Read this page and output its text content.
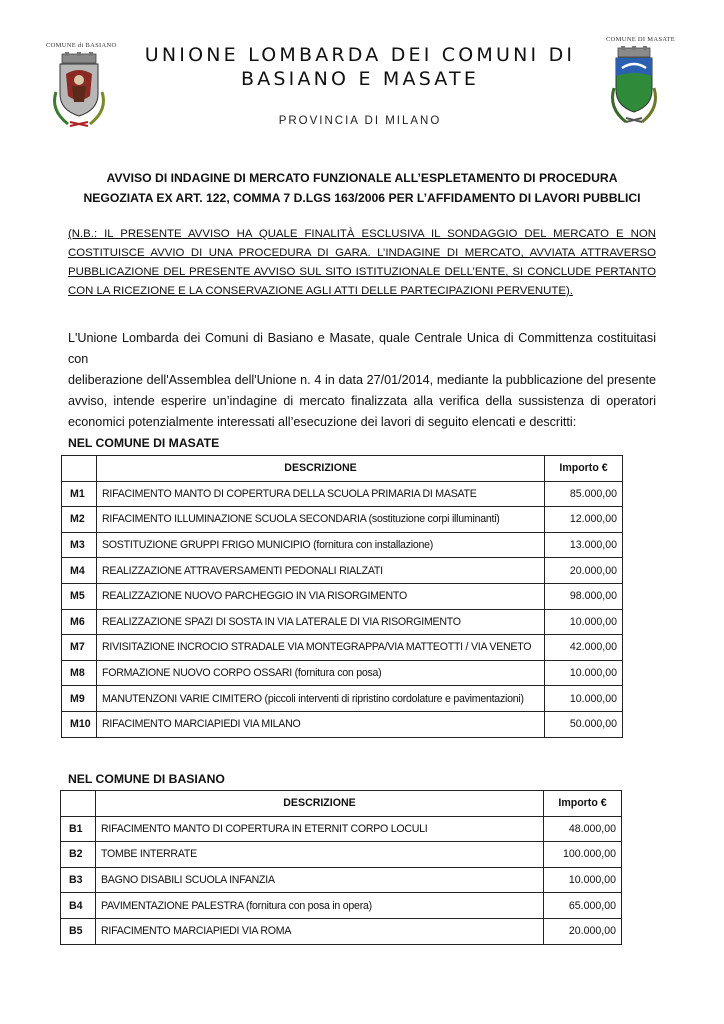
COMUNE di BASIANO
COMUNE DI MASATE
UNIONE LOMBARDA DEI COMUNI DI
BASIANO E MASATE
PROVINCIA DI MILANO
AVVISO DI INDAGINE DI MERCATO FUNZIONALE ALL’ESPLETAMENTO DI PROCEDURA
NEGOZIATA EX ART. 122, COMMA 7 D.LGS 163/2006 PER L’AFFIDAMENTO DI LAVORI PUBBLICI

(N.B.: IL PRESENTE AVVISO HA QUALE FINALITÀ ESCLUSIVA IL SONDAGGIO DEL MERCATO E NON

COSTITUISCE AVVIO DI UNA PROCEDURA DI GARA. L’INDAGINE DI MERCATO, AVVIATA ATTRAVERSO

PUBBLICAZIONE DEL PRESENTE AVVISO SUL SITO ISTITUZIONALE DELL’ENTE, SI CONCLUDE PERTANTO

CON LA RICEZIONE E LA CONSERVAZIONE AGLI ATTI DELLE PARTECIPAZIONI PERVENUTE).

L'Unione Lombarda dei Comuni di Basiano e Masate, quale Centrale Unica di Committenza costituitasi con

deliberazione dell'Assemblea dell'Unione n. 4 in data 27/01/2014, mediante la pubblicazione del presente

avviso, intende esperire un’indagine di mercato finalizzata alla verifica della sussistenza di operatori

economici potenzialmente interessati all’esecuzione dei lavori di seguito elencati e descritti:

NEL COMUNE DI MASATE
	DESCRIZIONE	Importo €
M1	RIFACIMENTO MANTO DI COPERTURA DELLA SCUOLA PRIMARIA DI MASATE	85.000,00
M2	RIFACIMENTO ILLUMINAZIONE SCUOLA SECONDARIA (sostituzione corpi illuminanti)	12.000,00
M3	SOSTITUZIONE GRUPPI FRIGO MUNICIPIO (fornitura con installazione)	13.000,00
M4	REALIZZAZIONE ATTRAVERSAMENTI PEDONALI RIALZATI	20.000,00
M5	REALIZZAZIONE NUOVO PARCHEGGIO IN VIA RISORGIMENTO	98.000,00
M6	REALIZZAZIONE SPAZI DI SOSTA IN VIA LATERALE DI VIA RISORGIMENTO	10.000,00
M7	RIVISITAZIONE INCROCIO STRADALE VIA MONTEGRAPPA/VIA MATTEOTTI / VIA VENETO	42.000,00
M8	FORMAZIONE NUOVO CORPO OSSARI (fornitura con posa)	10.000,00
M9	MANUTENZONI VARIE CIMITERO (piccoli interventi di ripristino cordolature e pavimentazioni)	10.000,00
M10	RIFACIMENTO MARCIAPIEDI VIA MILANO	50.000,00
NEL COMUNE DI BASIANO
	DESCRIZIONE	Importo €
B1	RIFACIMENTO MANTO DI COPERTURA IN ETERNIT CORPO LOCULI	48.000,00
B2	TOMBE INTERRATE	100.000,00
B3	BAGNO DISABILI SCUOLA INFANZIA	10.000,00
B4	PAVIMENTAZIONE PALESTRA (fornitura con posa in opera)	65.000,00
B5	RIFACIMENTO MARCIAPIEDI VIA ROMA	20.000,00
